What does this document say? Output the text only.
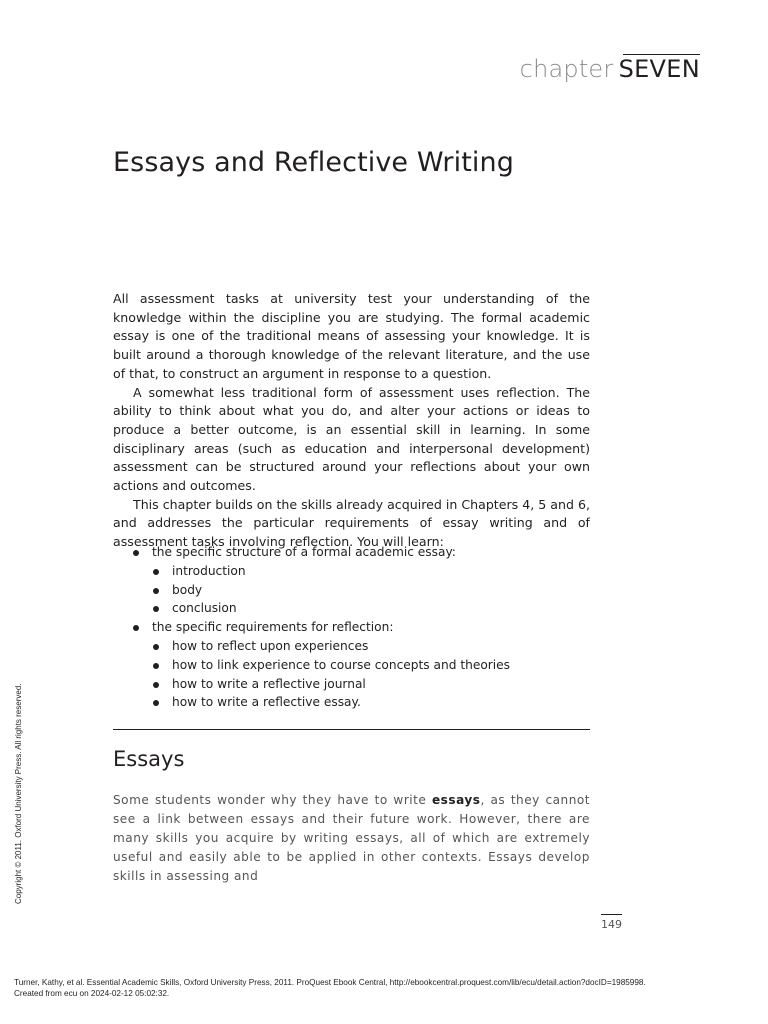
chapter SEVEN
Essays and Reflective Writing

All assessment tasks at university test your understanding of the knowledge within the discipline you are studying. The formal academic essay is one of the traditional means of assessing your knowledge. It is built around a thorough knowledge of the relevant literature, and the use of that, to construct an argument in response to a question.

A somewhat less traditional form of assessment uses reflection. The ability to think about what you do, and alter your actions or ideas to produce a better outcome, is an essential skill in learning. In some disciplinary areas (such as education and interpersonal development) assessment can be structured around your reflections about your own actions and outcomes.

This chapter builds on the skills already acquired in Chapters 4, 5 and 6, and addresses the particular requirements of essay writing and of assessment tasks involving reflection. You will learn:

the specific structure of a formal academic essay:
introduction
body
conclusion
the specific requirements for reflection:
how to reflect upon experiences
how to link experience to course concepts and theories
how to write a reflective journal
how to write a reflective essay.
Essays

Some students wonder why they have to write essays, as they cannot see a link between essays and their future work. However, there are many skills you acquire by writing essays, all of which are extremely useful and easily able to be applied in other contexts. Essays develop skills in assessing and

149
Copyright © 2011. Oxford University Press. All rights reserved.
Turner, Kathy, et al. Essential Academic Skills, Oxford University Press, 2011. ProQuest Ebook Central, http://ebookcentral.proquest.com/lib/ecu/detail.action?docID=1985998.
Created from ecu on 2024-02-12 05:02:32.
